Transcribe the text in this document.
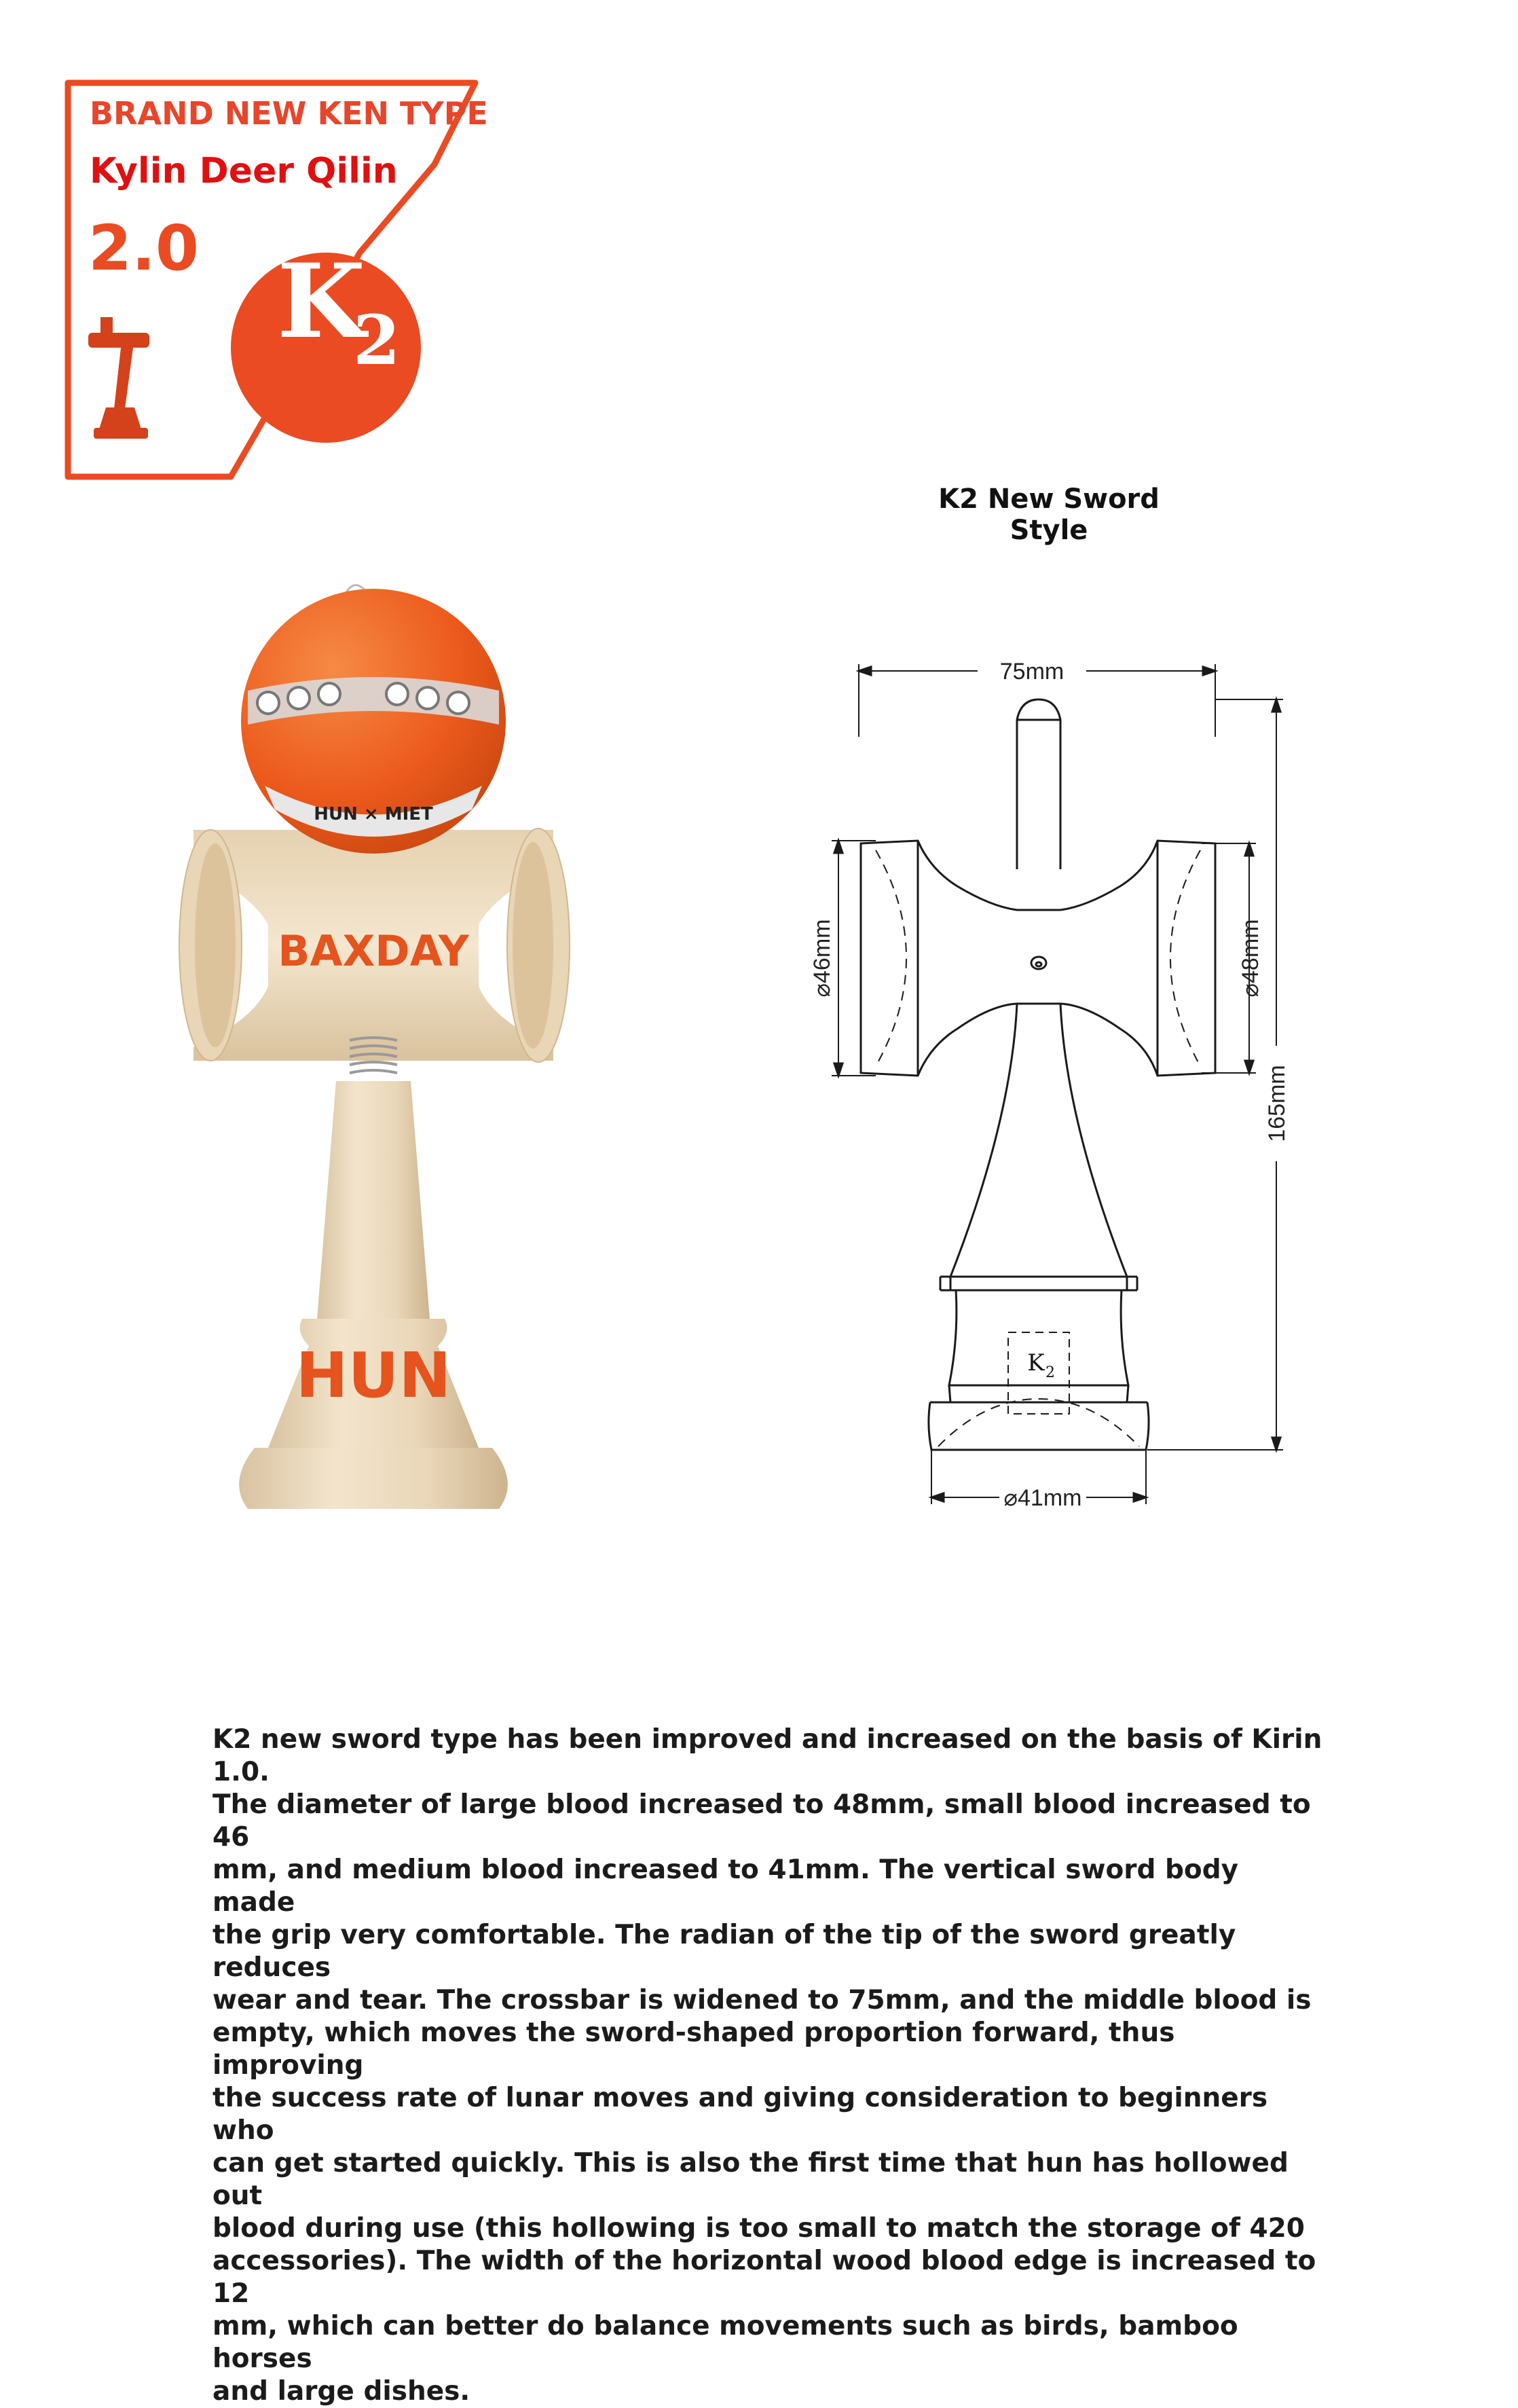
BRAND NEW KEN TYPE
Kylin Deer Qilin
2.0 K
2
K2 New Sword Style
BAXDAY
HUN × MIET
HUN
75mm
⌀46mm	⌀48mm
165mm
⌀41mm
K 2
K2 new sword type has been improved and increased on the basis of Kirin 1.0.
The diameter of large blood increased to 48mm, small blood increased to 46
mm, and medium blood increased to 41mm. The vertical sword body made
the grip very comfortable. The radian of the tip of the sword greatly reduces
wear and tear. The crossbar is widened to 75mm, and the middle blood is
empty, which moves the sword-shaped proportion forward, thus improving
the success rate of lunar moves and giving consideration to beginners who
can get started quickly. This is also the first time that hun has hollowed out
blood during use (this hollowing is too small to match the storage of 420
accessories). The width of the horizontal wood blood edge is increased to 12
mm, which can better do balance movements such as birds, bamboo horses
and large dishes.
